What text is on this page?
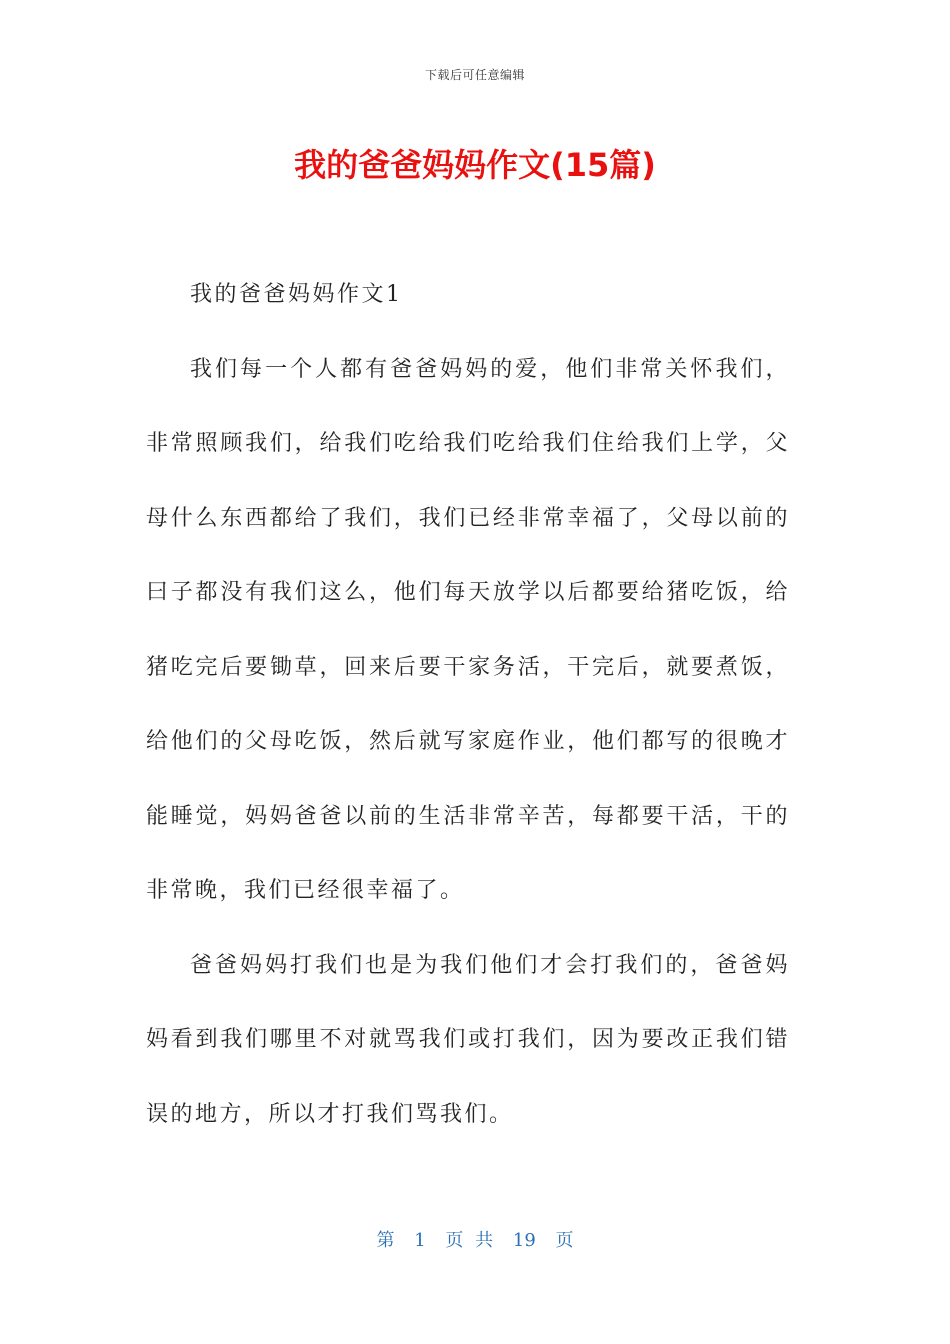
下载后可任意编辑
我的爸爸妈妈作文(15篇)

我的爸爸妈妈作文1

我们每一个人都有爸爸妈妈的爱，他们非常关怀我们，非常照顾我们，给我们吃给我们吃给我们住给我们上学，父母什么东西都给了我们，我们已经非常幸福了，父母以前的曰子都没有我们这么，他们每天放学以后都要给猪吃饭，给猪吃完后要锄草，回来后要干家务活，干完后，就要煮饭，给他们的父母吃饭，然后就写家庭作业，他们都写的很晚才能睡觉，妈妈爸爸以前的生活非常辛苦，每都要干活，干的非常晚，我们已经很幸福了。

爸爸妈妈打我们也是为我们他们才会打我们的，爸爸妈妈看到我们哪里不对就骂我们或打我们，因为要改正我们错误的地方，所以才打我们骂我们。

第 1 页 共 19 页
